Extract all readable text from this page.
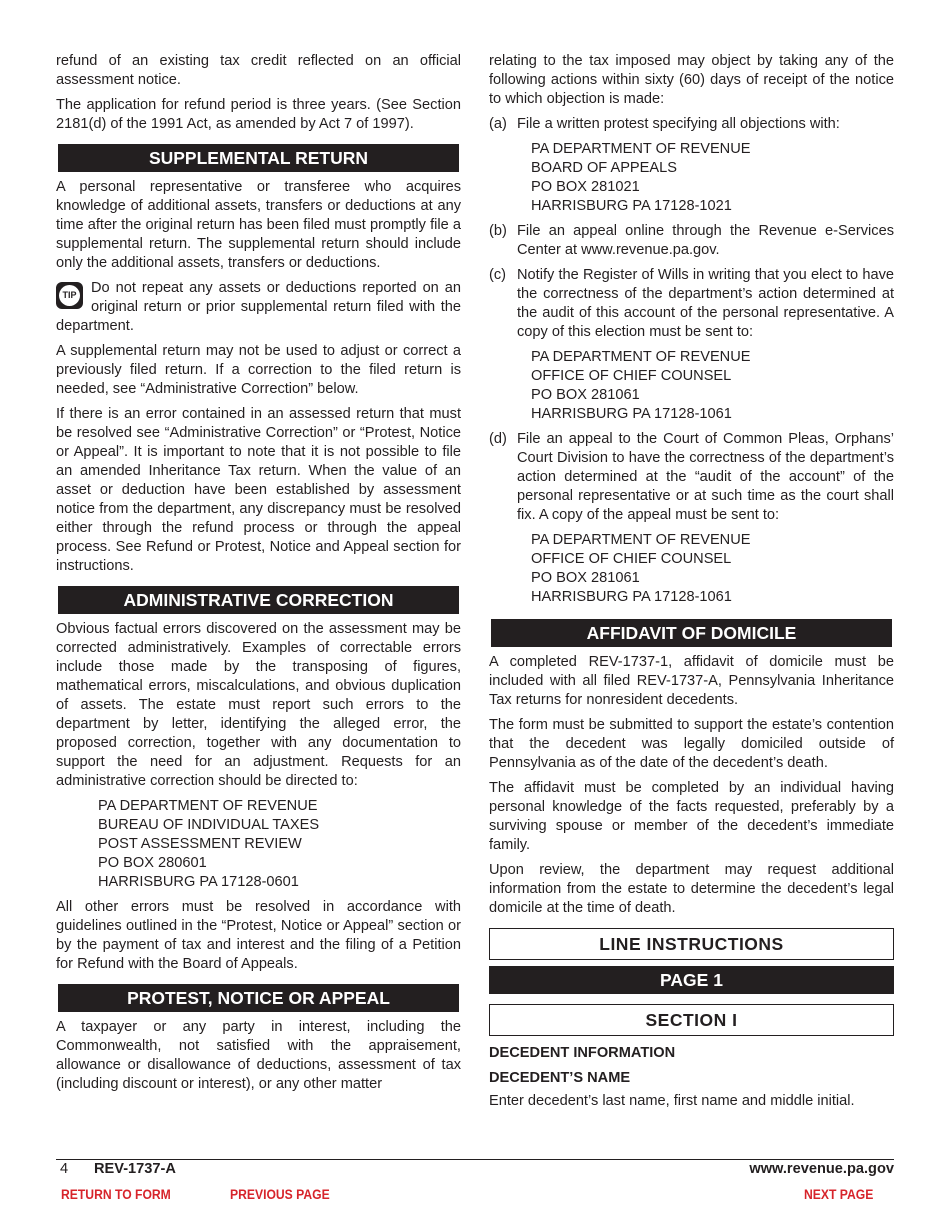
refund of an existing tax credit reflected on an official assessment notice.

The application for refund period is three years. (See Section 2181(d) of the 1991 Act, as amended by Act 7 of 1997).

SUPPLEMENTAL RETURN

A personal representative or transferee who acquires knowledge of additional assets, transfers or deductions at any time after the original return has been filed must promptly file a supplemental return. The supplemental return should include only the additional assets, transfers or deductions.

TIP Do not repeat any assets or deductions reported on an original return or prior supplemental return filed with the department.

A supplemental return may not be used to adjust or correct a previously filed return. If a correction to the filed return is needed, see “Administrative Correction” below.

If there is an error contained in an assessed return that must be resolved see “Administrative Correction” or “Protest, Notice or Appeal”. It is important to note that it is not possible to file an amended Inheritance Tax return. When the value of an asset or deduction have been established by assessment notice from the department, any discrepancy must be resolved either through the refund process or through the appeal process. See Refund or Protest, Notice and Appeal section for instructions.

ADMINISTRATIVE CORRECTION

Obvious factual errors discovered on the assessment may be corrected administratively. Examples of correctable errors include those made by the transposing of figures, mathematical errors, miscalculations, and obvious duplication of assets. The estate must report such errors to the department by letter, identifying the alleged error, the proposed correction, together with any documentation to support the need for an adjustment. Requests for an administrative correction should be directed to:

PA DEPARTMENT OF REVENUE
BUREAU OF INDIVIDUAL TAXES
POST ASSESSMENT REVIEW
PO BOX 280601
HARRISBURG PA 17128-0601

All other errors must be resolved in accordance with guidelines outlined in the “Protest, Notice or Appeal” section or by the payment of tax and interest and the filing of a Petition for Refund with the Board of Appeals.

PROTEST, NOTICE OR APPEAL

A taxpayer or any party in interest, including the Commonwealth, not satisfied with the appraisement, allowance or disallowance of deductions, assessment of tax (including discount or interest), or any other matter

relating to the tax imposed may object by taking any of the following actions within sixty (60) days of receipt of the notice to which objection is made:

(a) File a written protest specifying all objections with:
PA DEPARTMENT OF REVENUE
BOARD OF APPEALS
PO BOX 281021
HARRISBURG PA 17128-1021
(b) File an appeal online through the Revenue e-Services Center at www.revenue.pa.gov.
(c) Notify the Register of Wills in writing that you elect to have the correctness of the department’s action determined at the audit of this account of the personal representative. A copy of this election must be sent to:
PA DEPARTMENT OF REVENUE
OFFICE OF CHIEF COUNSEL
PO BOX 281061
HARRISBURG PA 17128-1061
(d) File an appeal to the Court of Common Pleas, Orphans’ Court Division to have the correctness of the department’s action determined at the “audit of the account” of the personal representative or at such time as the court shall fix. A copy of the appeal must be sent to:
PA DEPARTMENT OF REVENUE
OFFICE OF CHIEF COUNSEL
PO BOX 281061
HARRISBURG PA 17128-1061
AFFIDAVIT OF DOMICILE

A completed REV-1737-1, affidavit of domicile must be included with all filed REV-1737-A, Pennsylvania Inheritance Tax returns for nonresident decedents.

The form must be submitted to support the estate’s contention that the decedent was legally domiciled outside of Pennsylvania as of the date of the decedent’s death.

The affidavit must be completed by an individual having personal knowledge of the facts requested, preferably by a surviving spouse or member of the decedent’s immediate family.

Upon review, the department may request additional information from the estate to determine the decedent’s legal domicile at the time of death.

LINE INSTRUCTIONS
PAGE 1
SECTION I
DECEDENT INFORMATION
DECEDENT’S NAME

Enter decedent’s last name, first name and middle initial.

4 REV-1737-A	www.revenue.pa.gov
RETURN TO FORM	PREVIOUS PAGE	NEXT PAGE
